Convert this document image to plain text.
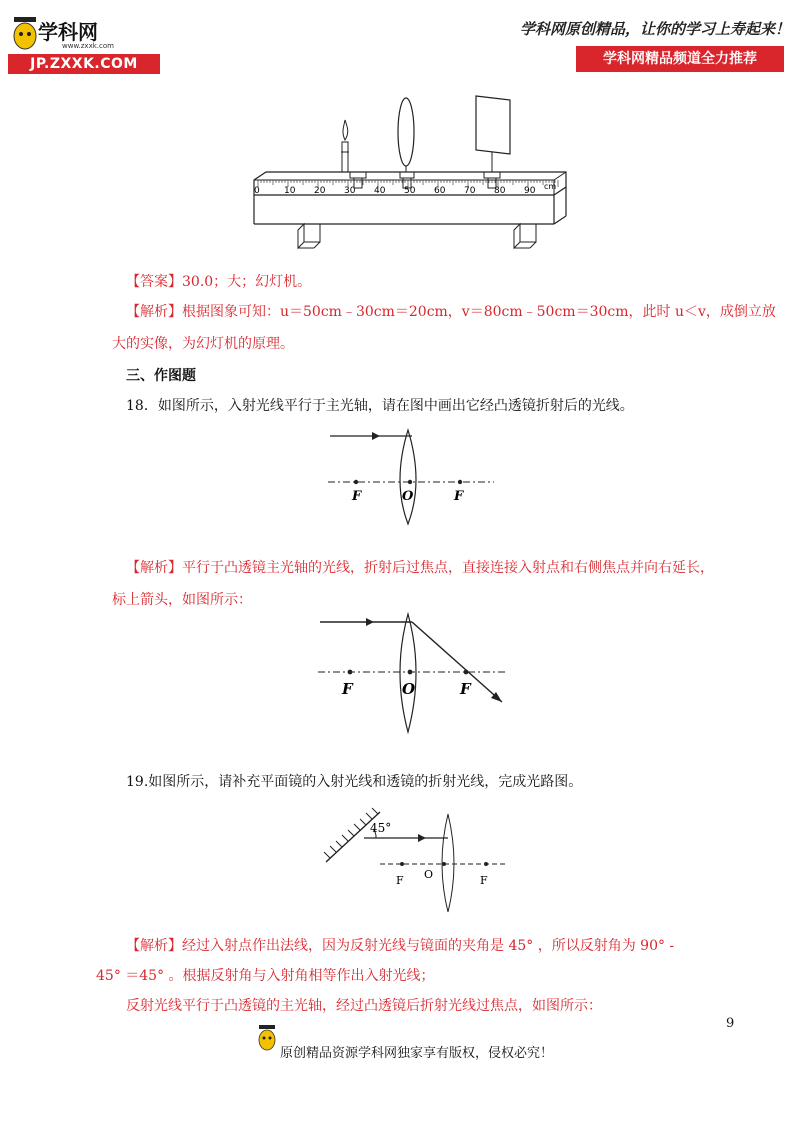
学科网
www.zxxk.com
JP.ZXXK.COM
学科网原创精品，让你的学习上寿起来！
学科网精品频道全力推荐
0	10 20 30 40 50 60 70 80 90 cm
【答案】30.0；大；幻灯机。
【解析】根据图象可知：u＝50cm﹣30cm＝20cm，v＝80cm﹣50cm＝30cm，此时 u＜v，成倒立放
大的实像，为幻灯机的原理。
三、作图题
18．如图所示，入射光线平行于主光轴，请在图中画出它经凸透镜折射后的光线。
F	O	F
【解析】平行于凸透镜主光轴的光线，折射后过焦点，直接连接入射点和右侧焦点并向右延长，
标上箭头，如图所示：
F	O	F
19.如图所示，请补充平面镜的入射光线和透镜的折射光线，完成光路图。
45°
F O	F
【解析】经过入射点作出法线，因为反射光线与镜面的夹角是 45° ，所以反射角为 90° -
45° ＝45° 。根据反射角与入射角相等作出入射光线；
反射光线平行于凸透镜的主光轴，经过凸透镜后折射光线过焦点，如图所示：
9
原创精品资源学科网独家享有版权，侵权必究！
